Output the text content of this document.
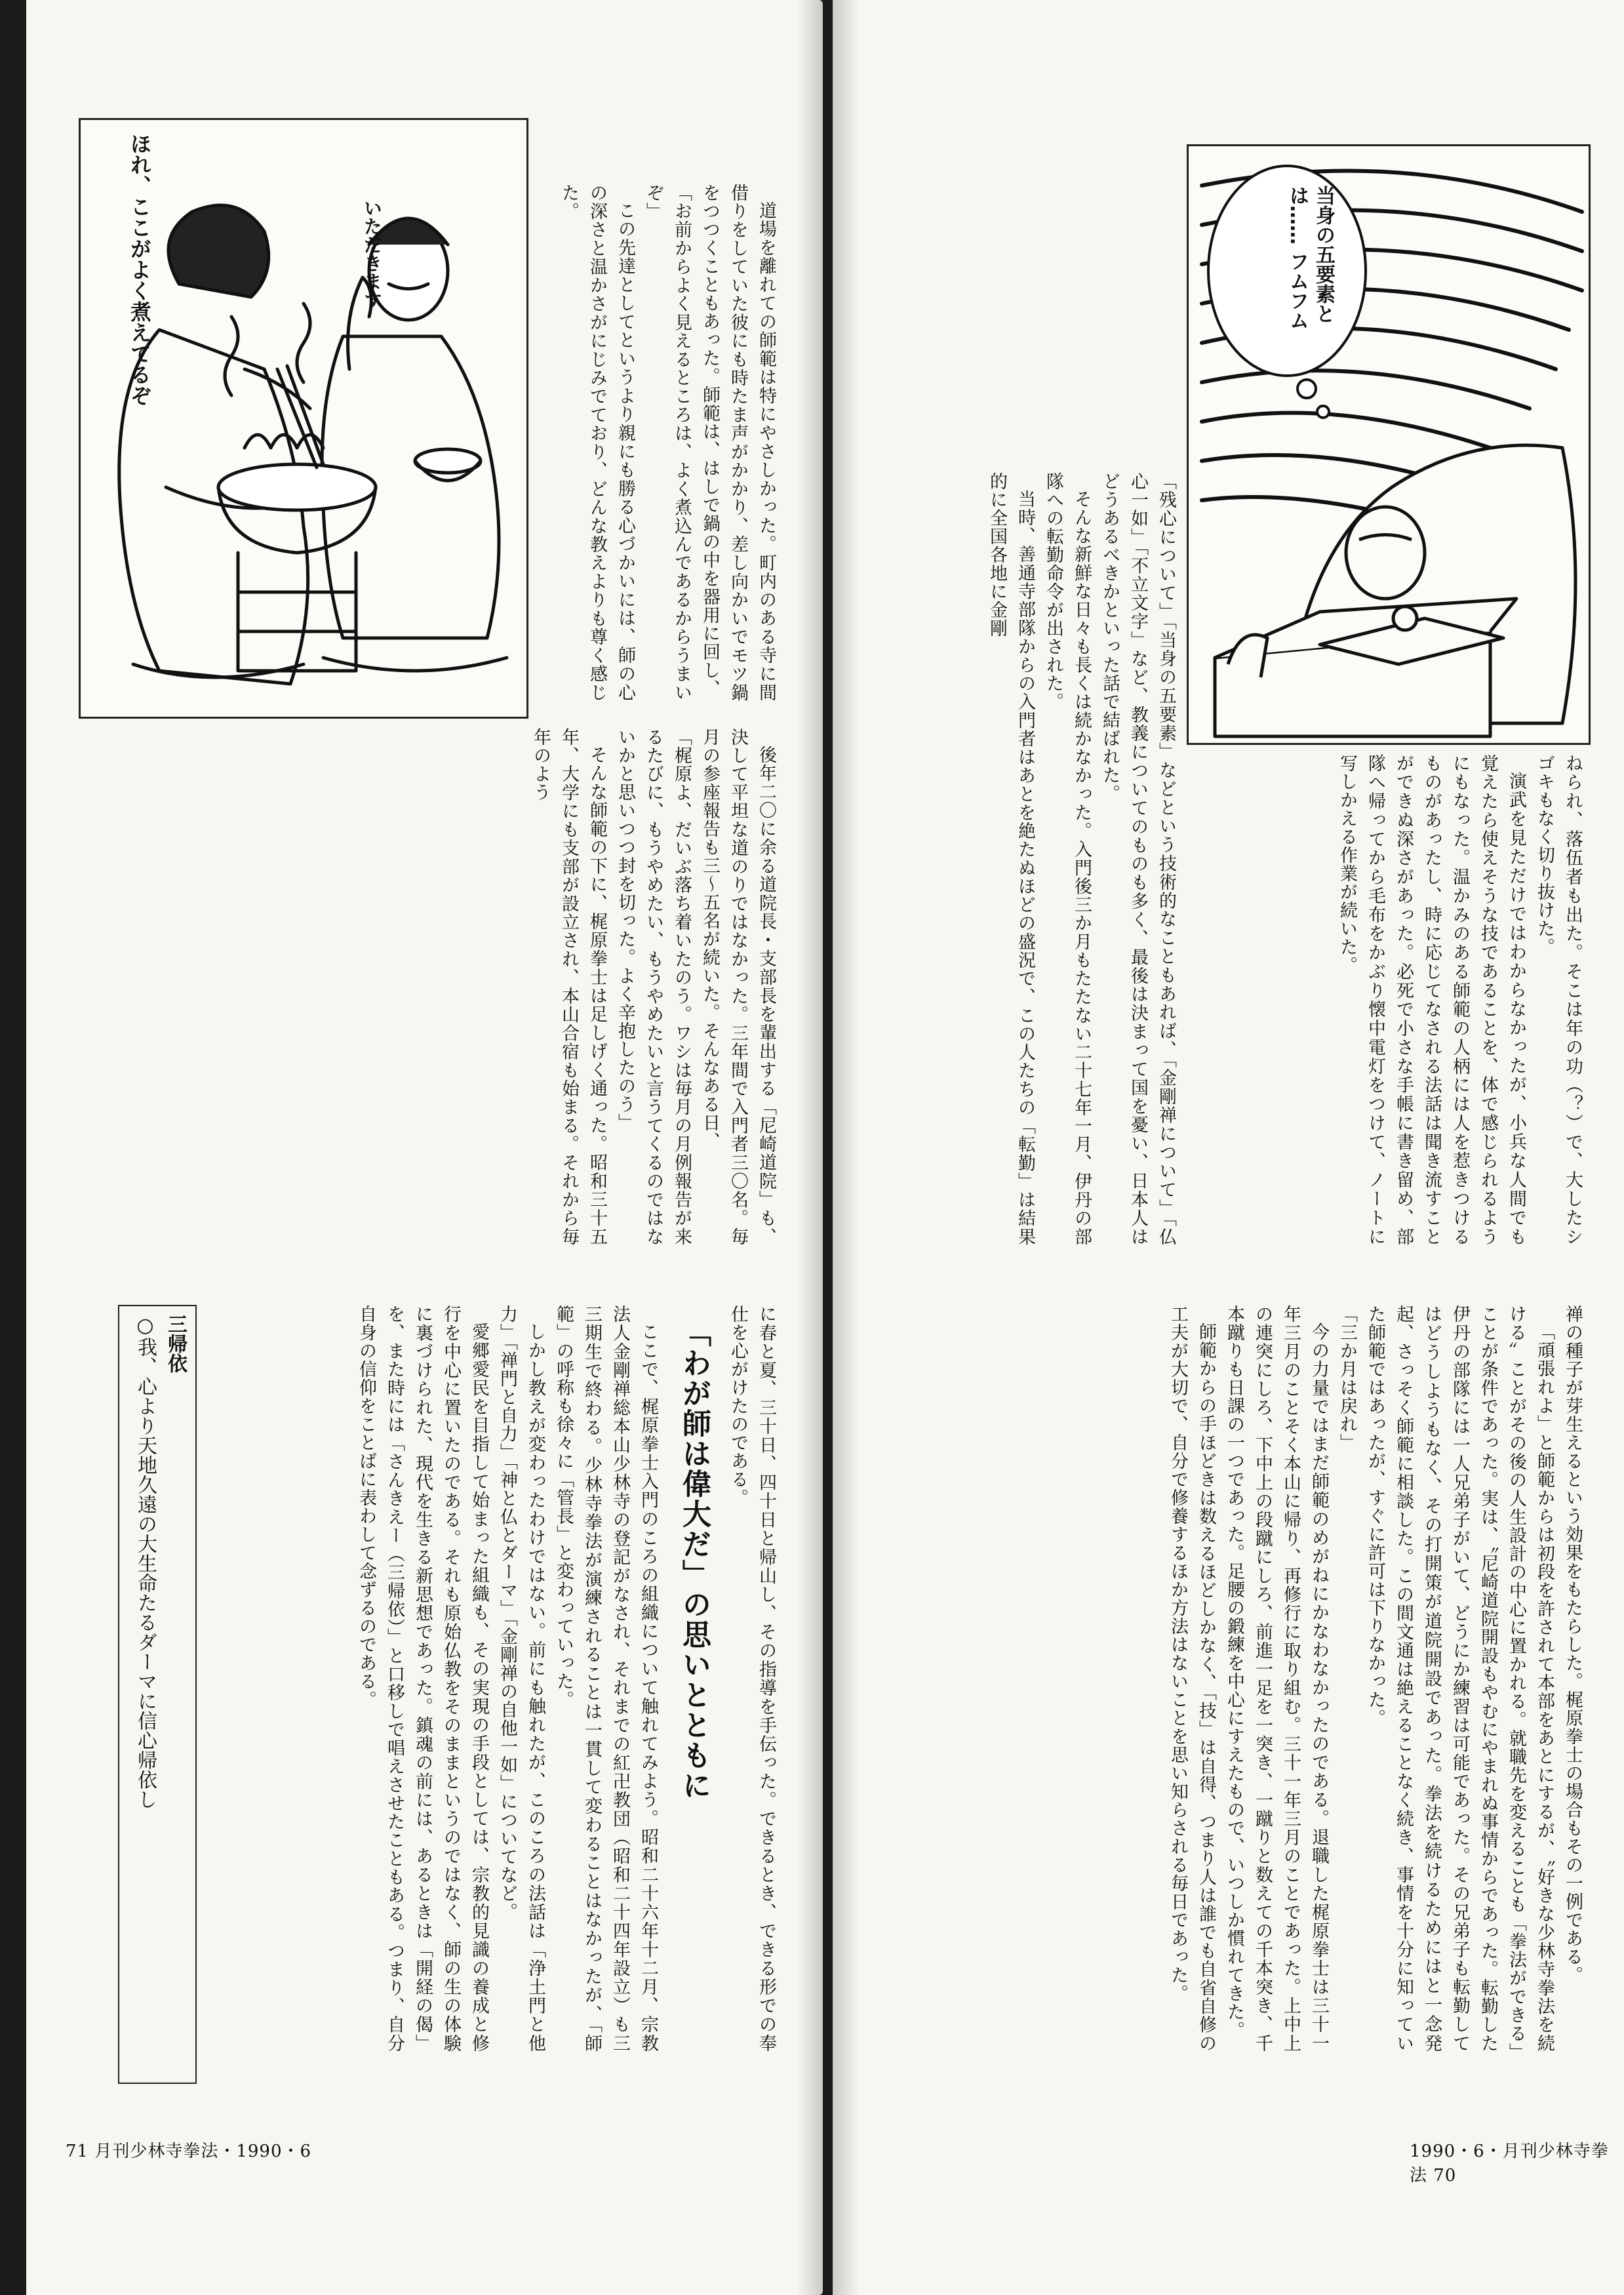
ほれ、ここがよく煮えてるぞ	いただきます	道場を離れての師範は特にやさしかった。町内のある寺に間借りをしていた彼にも時たま声がかかり、差し向かいでモツ鍋をつつくこともあった。師範は、はしで鍋の中を器用に回し、

「お前からよく見えるところは、よく煮込んであるからうまいぞ」

この先達としてというより親にも勝る心づかいには、師の心の深さと温かさがにじみでており、どんな教えよりも尊く感じた。

後年二〇に余る道院長・支部長を輩出する「尼崎道院」も、決して平坦な道のりではなかった。三年間で入門者三〇名。毎月の参座報告も三〜五名が続いた。そんなある日、

「梶原よ、だいぶ落ち着いたのう。ワシは毎月の月例報告が来るたびに、もうやめたい、もうやめたいと言うてくるのではないかと思いつつ封を切った。よく辛抱したのう」

そんな師範の下に、梶原拳士は足しげく通った。昭和三十五年、大学にも支部が設立され、本山合宿も始まる。それから毎年のよう

に春と夏、三十日、四十日と帰山し、その指導を手伝った。できるとき、できる形での奉仕を心がけたのである。

「わが師は偉大だ」の思いとともに

ここで、梶原拳士入門のころの組織について触れてみよう。昭和二十六年十二月、宗教法人金剛禅総本山少林寺の登記がなされ、それまでの紅卍教団（昭和二十四年設立）も三三期生で終わる。少林寺拳法が演練されることは一貫して変わることはなかったが、「師範」の呼称も徐々に「管長」と変わっていった。

しかし教えが変わったわけではない。前にも触れたが、このころの法話は「浄土門と他力」「禅門と自力」「神と仏とダーマ」「金剛禅の自他一如」についてなど。

愛郷愛民を目指して始まった組織も、その実現の手段としては、宗教的見識の養成と修行を中心に置いたのである。それも原始仏教をそのままというのではなく、師の生の体験に裏づけられた、現代を生きる新思想であった。鎮魂の前には、あるときは「開経の偈」を、また時には「さんきえー（三帰依）」と口移しで唱えさせたこともある。つまり、自分自身の信仰をことばに表わして念ずるのである。

三帰依
○我、心より天地久遠の大生命たるダーマに信心帰依し
71 月刊少林寺拳法・1990・6
当身の五要素とは…… フムフム

「残心について」「当身の五要素」などという技術的なこともあれば、「金剛禅について」「仏心一如」「不立文字」など、教義についてのものも多く、最後は決まって国を憂い、日本人はどうあるべきかといった話で結ばれた。

そんな新鮮な日々も長くは続かなかった。入門後三か月もたたない二十七年一月、伊丹の部隊への転勤命令が出された。

当時、善通寺部隊からの入門者はあとを絶たぬほどの盛況で、この人たちの「転勤」は結果的に全国各地に金剛

ねられ、落伍者も出た。そこは年の功（？）で、大したシゴキもなく切り抜けた。

演武を見ただけではわからなかったが、小兵な人間でも覚えたら使えそうな技であることを、体で感じられるようにもなった。温かみのある師範の人柄には人を惹きつけるものがあったし、時に応じてなされる法話は聞き流すことができぬ深さがあった。必死で小さな手帳に書き留め、部隊へ帰ってから毛布をかぶり懐中電灯をつけて、ノートに写しかえる作業が続いた。

禅の種子が芽生えるという効果をもたらした。梶原拳士の場合もその一例である。

「頑張れよ」と師範からは初段を許されて本部をあとにするが、〝好きな少林寺拳法を続ける〟ことがその後の人生設計の中心に置かれる。就職先を変えることも「拳法ができる」ことが条件であった。実は、〝尼崎道院開設もやむにやまれぬ事情からであった。転勤した伊丹の部隊には一人兄弟子がいて、どうにか練習は可能であった。その兄弟子も転勤してはどうしようもなく、その打開策が道院開設であった。拳法を続けるためにはと一念発起、さっそく師範に相談した。この間文通は絶えることなく続き、事情を十分に知っていた師範ではあったが、すぐに許可は下りなかった。

「三か月は戻れ」

今の力量ではまだ師範のめがねにかなわなかったのである。退職した梶原拳士は三十一年三月のことそく本山に帰り、再修行に取り組む。三十一年三月のことであった。上中上の連突にしろ、下中上の段蹴にしろ、前進一足を一突き、一蹴りと数えての千本突き、千本蹴りも日課の一つであった。足腰の鍛練を中心にすえたもので、いつしか慣れてきた。

師範からの手ほどきは数えるほどしかなく、「技」は自得、つまり人は誰でも自省自修の工夫が大切で、自分で修養するほか方法はないことを思い知らされる毎日であった。

1990・6・月刊少林寺拳法 70
